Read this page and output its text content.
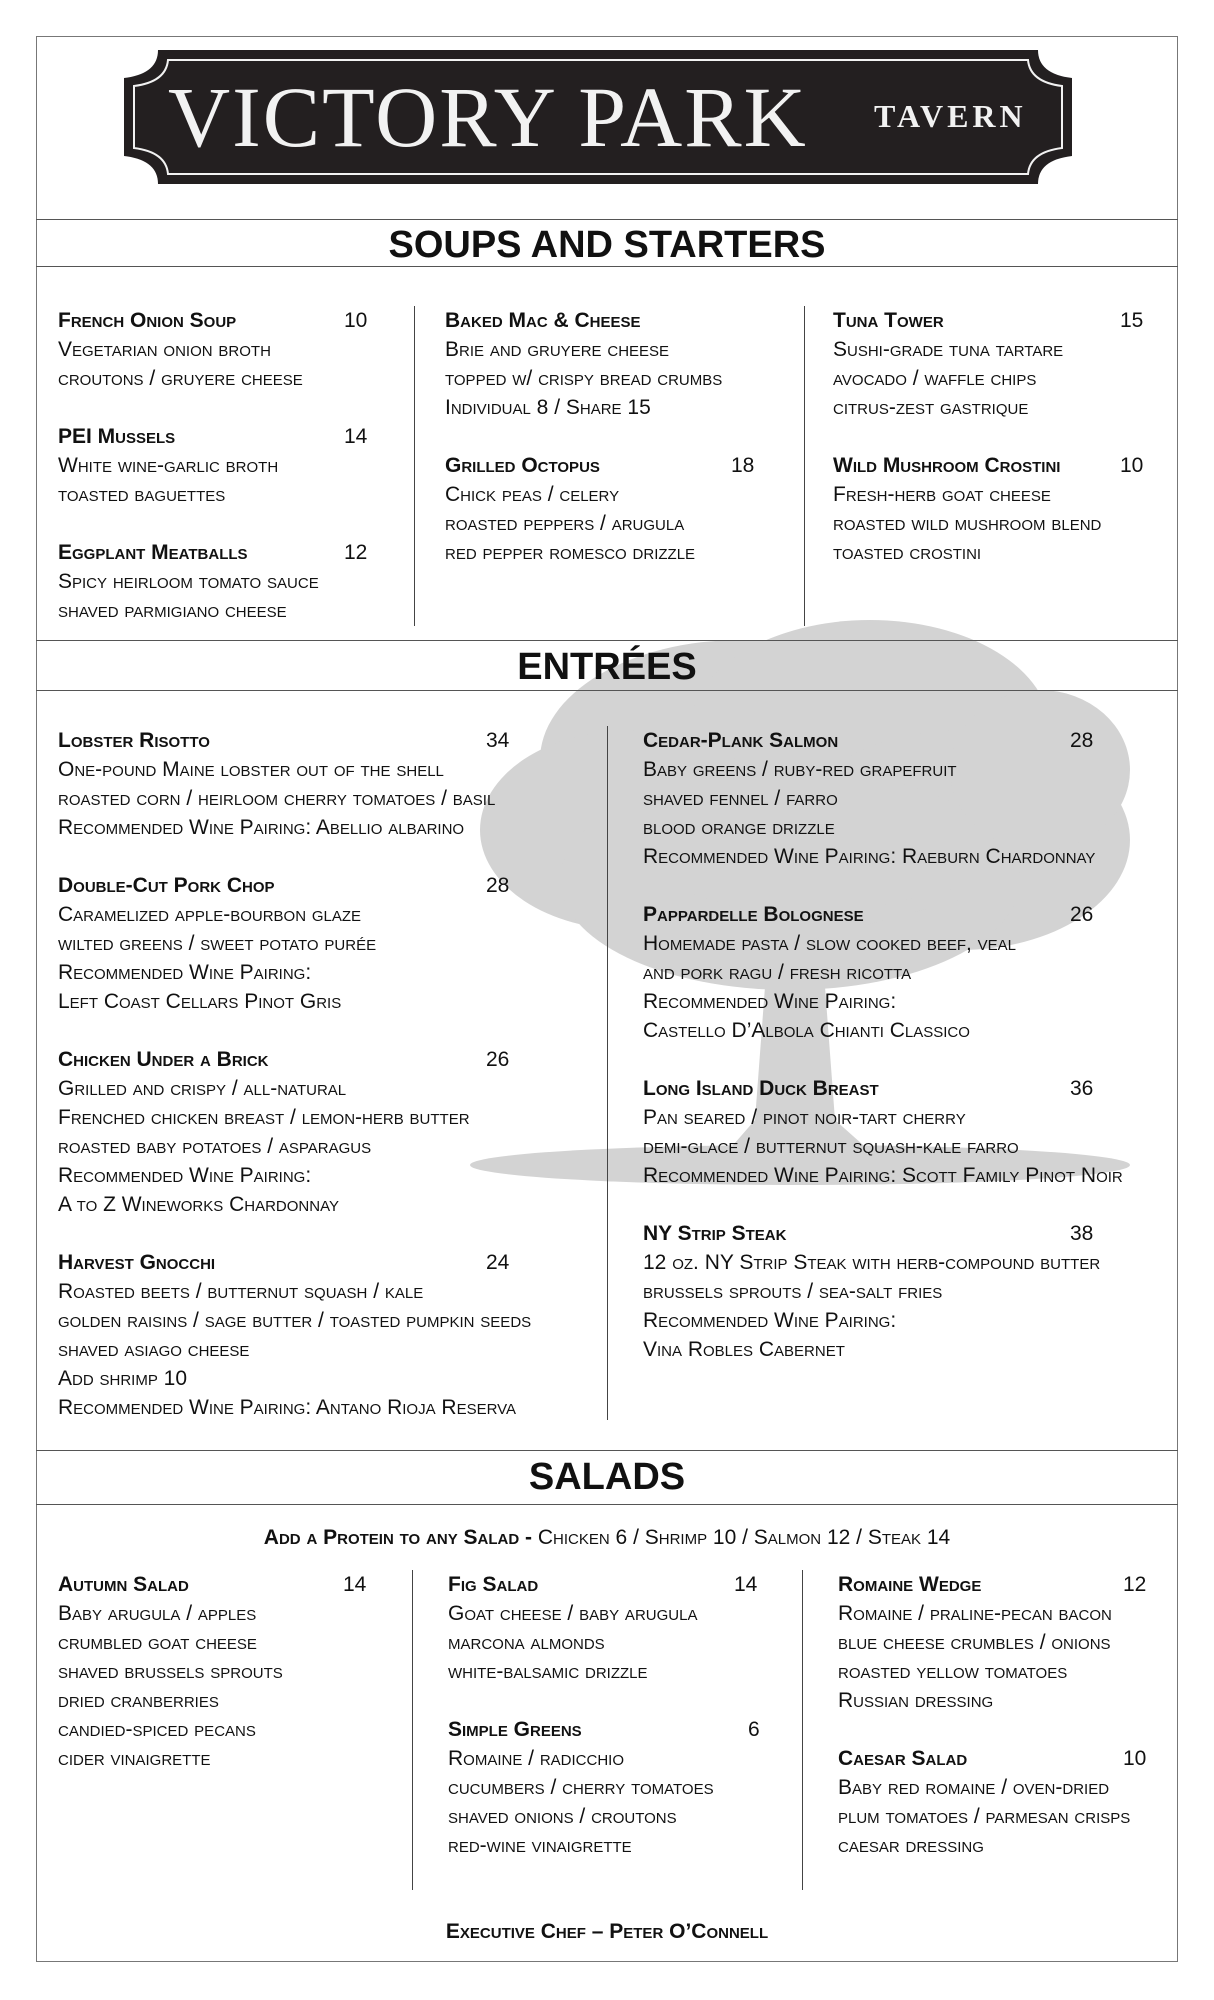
VICTORY PARK TAVERN
SOUPS AND STARTERS
French Onion Soup	10
Vegetarian onion broth
croutons / gruyere cheese
PEI Mussels	14
White wine-garlic broth
toasted baguettes
Eggplant Meatballs	12
Spicy heirloom tomato sauce
shaved parmigiano cheese
Baked Mac & Cheese
Brie and gruyere cheese
topped w/ crispy bread crumbs
Individual 8 / Share 15
Grilled Octopus	18
Chick peas / celery
roasted peppers / arugula
red pepper romesco drizzle
Tuna Tower	15
Sushi-grade tuna tartare
avocado / waffle chips
citrus-zest gastrique
Wild Mushroom Crostini	10
Fresh-herb goat cheese
roasted wild mushroom blend
toasted crostini
ENTRÉES
Lobster Risotto	34
One-pound Maine lobster out of the shell
roasted corn / heirloom cherry tomatoes / basil
Recommended Wine Pairing: Abellio albarino
Double-Cut Pork Chop	28
Caramelized apple-bourbon glaze
wilted greens / sweet potato purée
Recommended Wine Pairing:
Left Coast Cellars Pinot Gris
Chicken Under a Brick	26
Grilled and crispy / all-natural
Frenched chicken breast / lemon-herb butter
roasted baby potatoes / asparagus
Recommended Wine Pairing:
A to Z Wineworks Chardonnay
Harvest Gnocchi	24
Roasted beets / butternut squash / kale
golden raisins / sage butter / toasted pumpkin seeds
shaved asiago cheese
Add shrimp 10
Recommended Wine Pairing: Antano Rioja Reserva
Cedar-Plank Salmon	28
Baby greens / ruby-red grapefruit
shaved fennel / farro
blood orange drizzle
Recommended Wine Pairing: Raeburn Chardonnay
Pappardelle Bolognese	26
Homemade pasta / slow cooked beef, veal
and pork ragu / fresh ricotta
Recommended Wine Pairing:
Castello D’Albola Chianti Classico
Long Island Duck Breast	36
Pan seared / pinot noir-tart cherry
demi-glace / butternut squash-kale farro
Recommended Wine Pairing: Scott Family Pinot Noir
NY Strip Steak	38
12 oz. NY Strip Steak with herb-compound butter
brussels sprouts / sea-salt fries
Recommended Wine Pairing:
Vina Robles Cabernet
SALADS
Add a Protein to any Salad - Chicken 6 / Shrimp 10 / Salmon 12 / Steak 14
Autumn Salad	14
Baby arugula / apples
crumbled goat cheese
shaved brussels sprouts
dried cranberries
candied-spiced pecans
cider vinaigrette
Fig Salad	14
Goat cheese / baby arugula
marcona almonds
white-balsamic drizzle
Simple Greens	6
Romaine / radicchio
cucumbers / cherry tomatoes
shaved onions / croutons
red-wine vinaigrette
Romaine Wedge	12
Romaine / praline-pecan bacon
blue cheese crumbles / onions
roasted yellow tomatoes
Russian dressing
Caesar Salad	10
Baby red romaine / oven-dried
plum tomatoes / parmesan crisps
caesar dressing
Executive Chef – Peter O’Connell
